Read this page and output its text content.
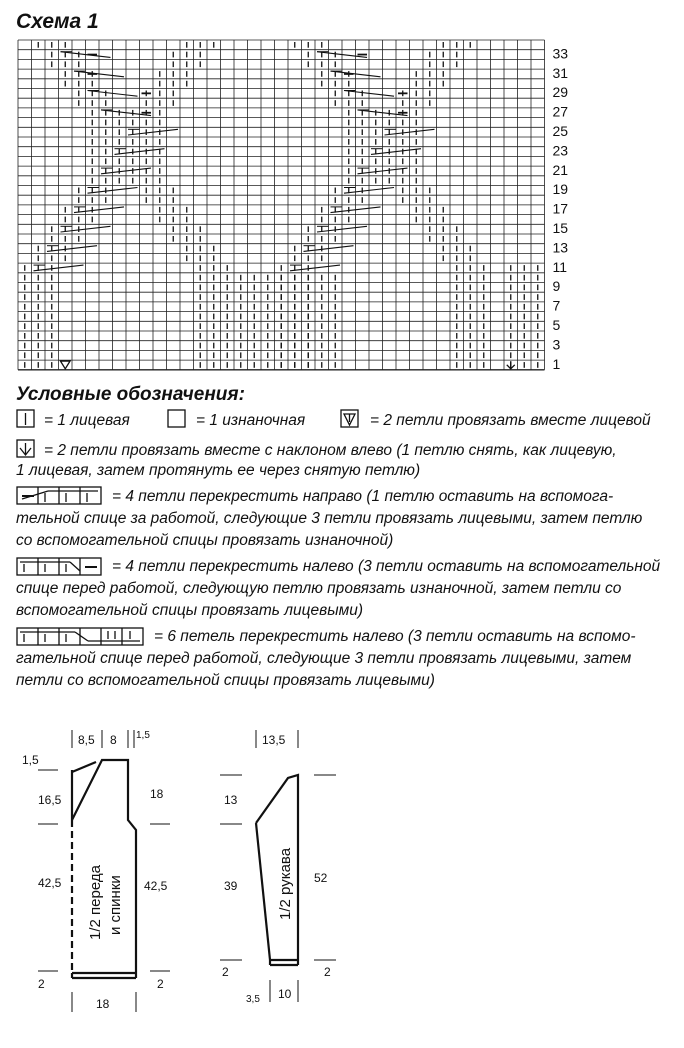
Схема 1
33
31
29
27
25
23
21
19
17
15
13
11
9
7
5
3
1
Условные обозначения:
= 1 лицевая	= 1 изнаночная	= 2 петли провязать вместе лицевой
= 2 петли провязать вместе с наклоном влево (1 петлю снять, как лицевую,
1 лицевая, затем протянуть ее через снятую петлю)
= 4 петли перекрестить направо (1 петлю оставить на вспомога-
тельной спице за работой, следующие 3 петли провязать лицевыми, затем петлю
со вспомогательной спицы провязать изнаночной)
= 4 петли перекрестить налево (3 петли оставить на вспомогательной
спице перед работой, следующую петлю провязать изнаночной, затем петли со
вспомогательной спицы провязать лицевыми)
= 6 петель перекрестить налево (3 петли оставить на вспомо-
гательной спице перед работой, следующие 3 петли провязать лицевыми, затем
петли со вспомогательной спицы провязать лицевыми)
8,5 8 1,5
1,5
16,5
42,5
2
18
42,5
2
18
1/2 переда и спинки
13,5
13
39
2
52
2
3,5 10
1/2 рукава
